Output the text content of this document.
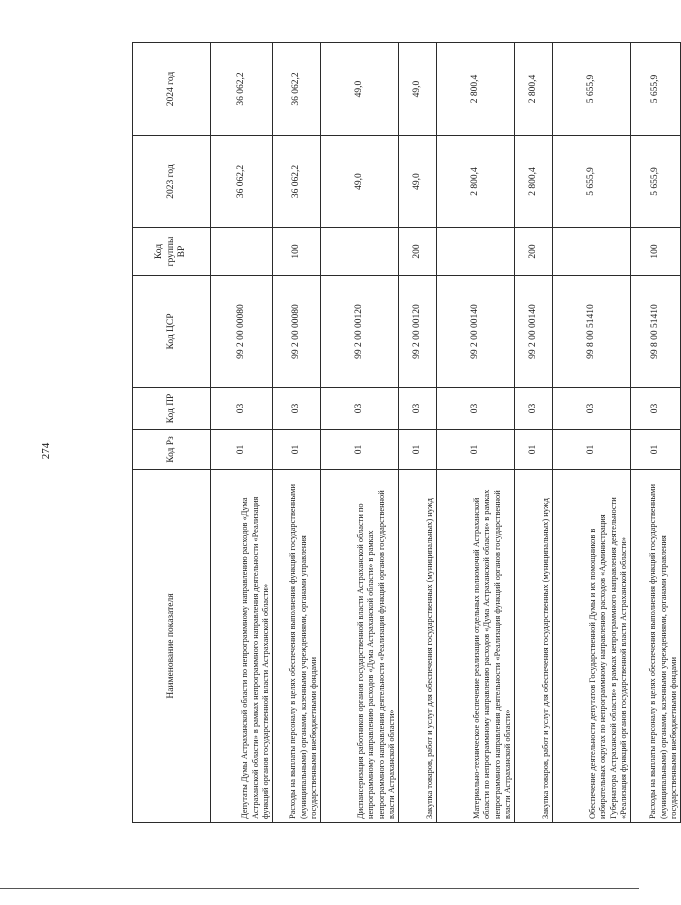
274
Наименование показателя	Код Рз	Код ПР	Код ЦСР	Код группы ВР	2023 год	2024 год
Депутаты Думы Астраханской области по непрограммному направлению расходов «Дума Астраханской области» в рамках непрограммного направления деятельности «Реализация функций органов государственной власти Астраханской области»	01	03	99 2 00 00080		36 062,2	36 062,2
Расходы на выплаты персоналу в целях обеспечения выполнения функций государственными (муниципальными) органами, казенными учреждениями, органами управления государственными внебюджетными фондами	01	03	99 2 00 00080	100	36 062,2	36 062,2
Диспансеризация работников органов государственной власти Астраханской области по непрограммному направлению расходов «Дума Астраханской области» в рамках непрограммного направления деятельности «Реализация функций органов государственной власти Астраханской области»	01	03	99 2 00 00120		49,0	49,0
Закупка товаров, работ и услуг для обеспечения государственных (муниципальных) нужд	01	03	99 2 00 00120	200	49,0	49,0
Материально-техническое обеспечение реализации отдельных полномочий Астраханской области по непрограммному направлению расходов «Дума Астраханской области» в рамках непрограммного направления деятельности «Реализация функций органов государственной власти Астраханской области»	01	03	99 2 00 00140		2 800,4	2 800,4
Закупка товаров, работ и услуг для обеспечения государственных (муниципальных) нужд	01	03	99 2 00 00140	200	2 800,4	2 800,4
Обеспечение деятельности депутатов Государственной Думы и их помощников в избирательных округах по непрограммному направлению расходов «Администрация Губернатора Астраханской области» в рамках непрограммного направления деятельности «Реализация функций органов государственной власти Астраханской области»	01	03	99 8 00 51410		5 655,9	5 655,9
Расходы на выплаты персоналу в целях обеспечения выполнения функций государственными (муниципальными) органами, казенными учреждениями, органами управления государственными внебюджетными фондами	01	03	99 8 00 51410	100	5 655,9	5 655,9
